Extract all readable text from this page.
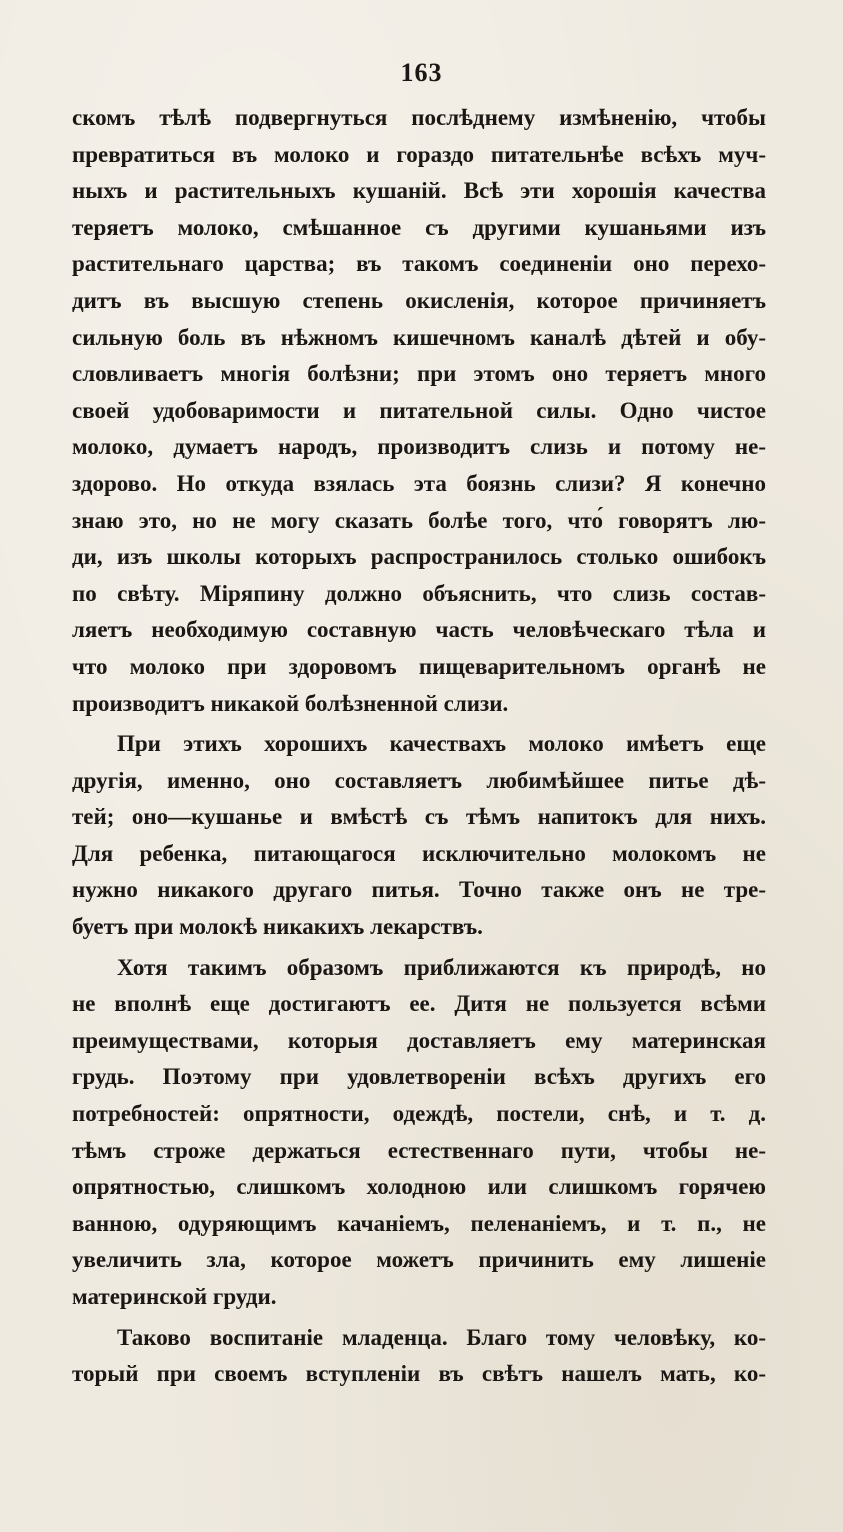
163
скомъ тѣлѣ подвергнуться послѣднему измѣненію, чтобы
превратиться въ молоко и гораздо питательнѣе всѣхъ муч-
ныхъ и растительныхъ кушаній. Всѣ эти хорошія качества
теряетъ молоко, смѣшанное съ другими кушаньями изъ
растительнаго царства; въ такомъ соединеніи оно перехо-
дитъ въ высшую степень окисленія, которое причиняетъ
сильную боль въ нѣжномъ кишечномъ каналѣ дѣтей и обу-
словливаетъ многія болѣзни; при этомъ оно теряетъ много
своей удобоваримости и питательной силы. Одно чистое
молоко, думаетъ народъ, производитъ слизь и потому не-
здорово. Но откуда взялась эта боязнь слизи? Я конечно
знаю это, но не могу сказать болѣе того, что́ говорятъ лю-
ди, изъ школы которыхъ распространилось столько ошибокъ
по свѣту. Міряпину должно объяснить, что слизь состав-
ляетъ необходимую составную часть человѣческаго тѣла и
что молоко при здоровомъ пищеварительномъ органѣ не
производитъ никакой болѣзненной слизи.
При этихъ хорошихъ качествахъ молоко имѣетъ еще
другія, именно, оно составляетъ любимѣйшее питье дѣ-
тей; оно—кушанье и вмѣстѣ съ тѣмъ напитокъ для нихъ.
Для ребенка, питающагося исключительно молокомъ не
нужно никакого другаго питья. Точно также онъ не тре-
буетъ при молокѣ никакихъ лекарствъ.
Хотя такимъ образомъ приближаются къ природѣ, но
не вполнѣ еще достигаютъ ее. Дитя не пользуется всѣми
преимуществами, которыя доставляетъ ему материнская
грудь. Поэтому при удовлетвореніи всѣхъ другихъ его
потребностей: опрятности, одеждѣ, постели, снѣ, и т. д.
тѣмъ строже держаться естественнаго пути, чтобы не-
опрятностью, слишкомъ холодною или слишкомъ горячею
ванною, одуряющимъ качаніемъ, пеленаніемъ, и т. п., не
увеличить зла, которое можетъ причинить ему лишеніе
материнской груди.
Таково воспитаніе младенца. Благо тому человѣку, ко-
торый при своемъ вступленіи въ свѣтъ нашелъ мать, ко-
